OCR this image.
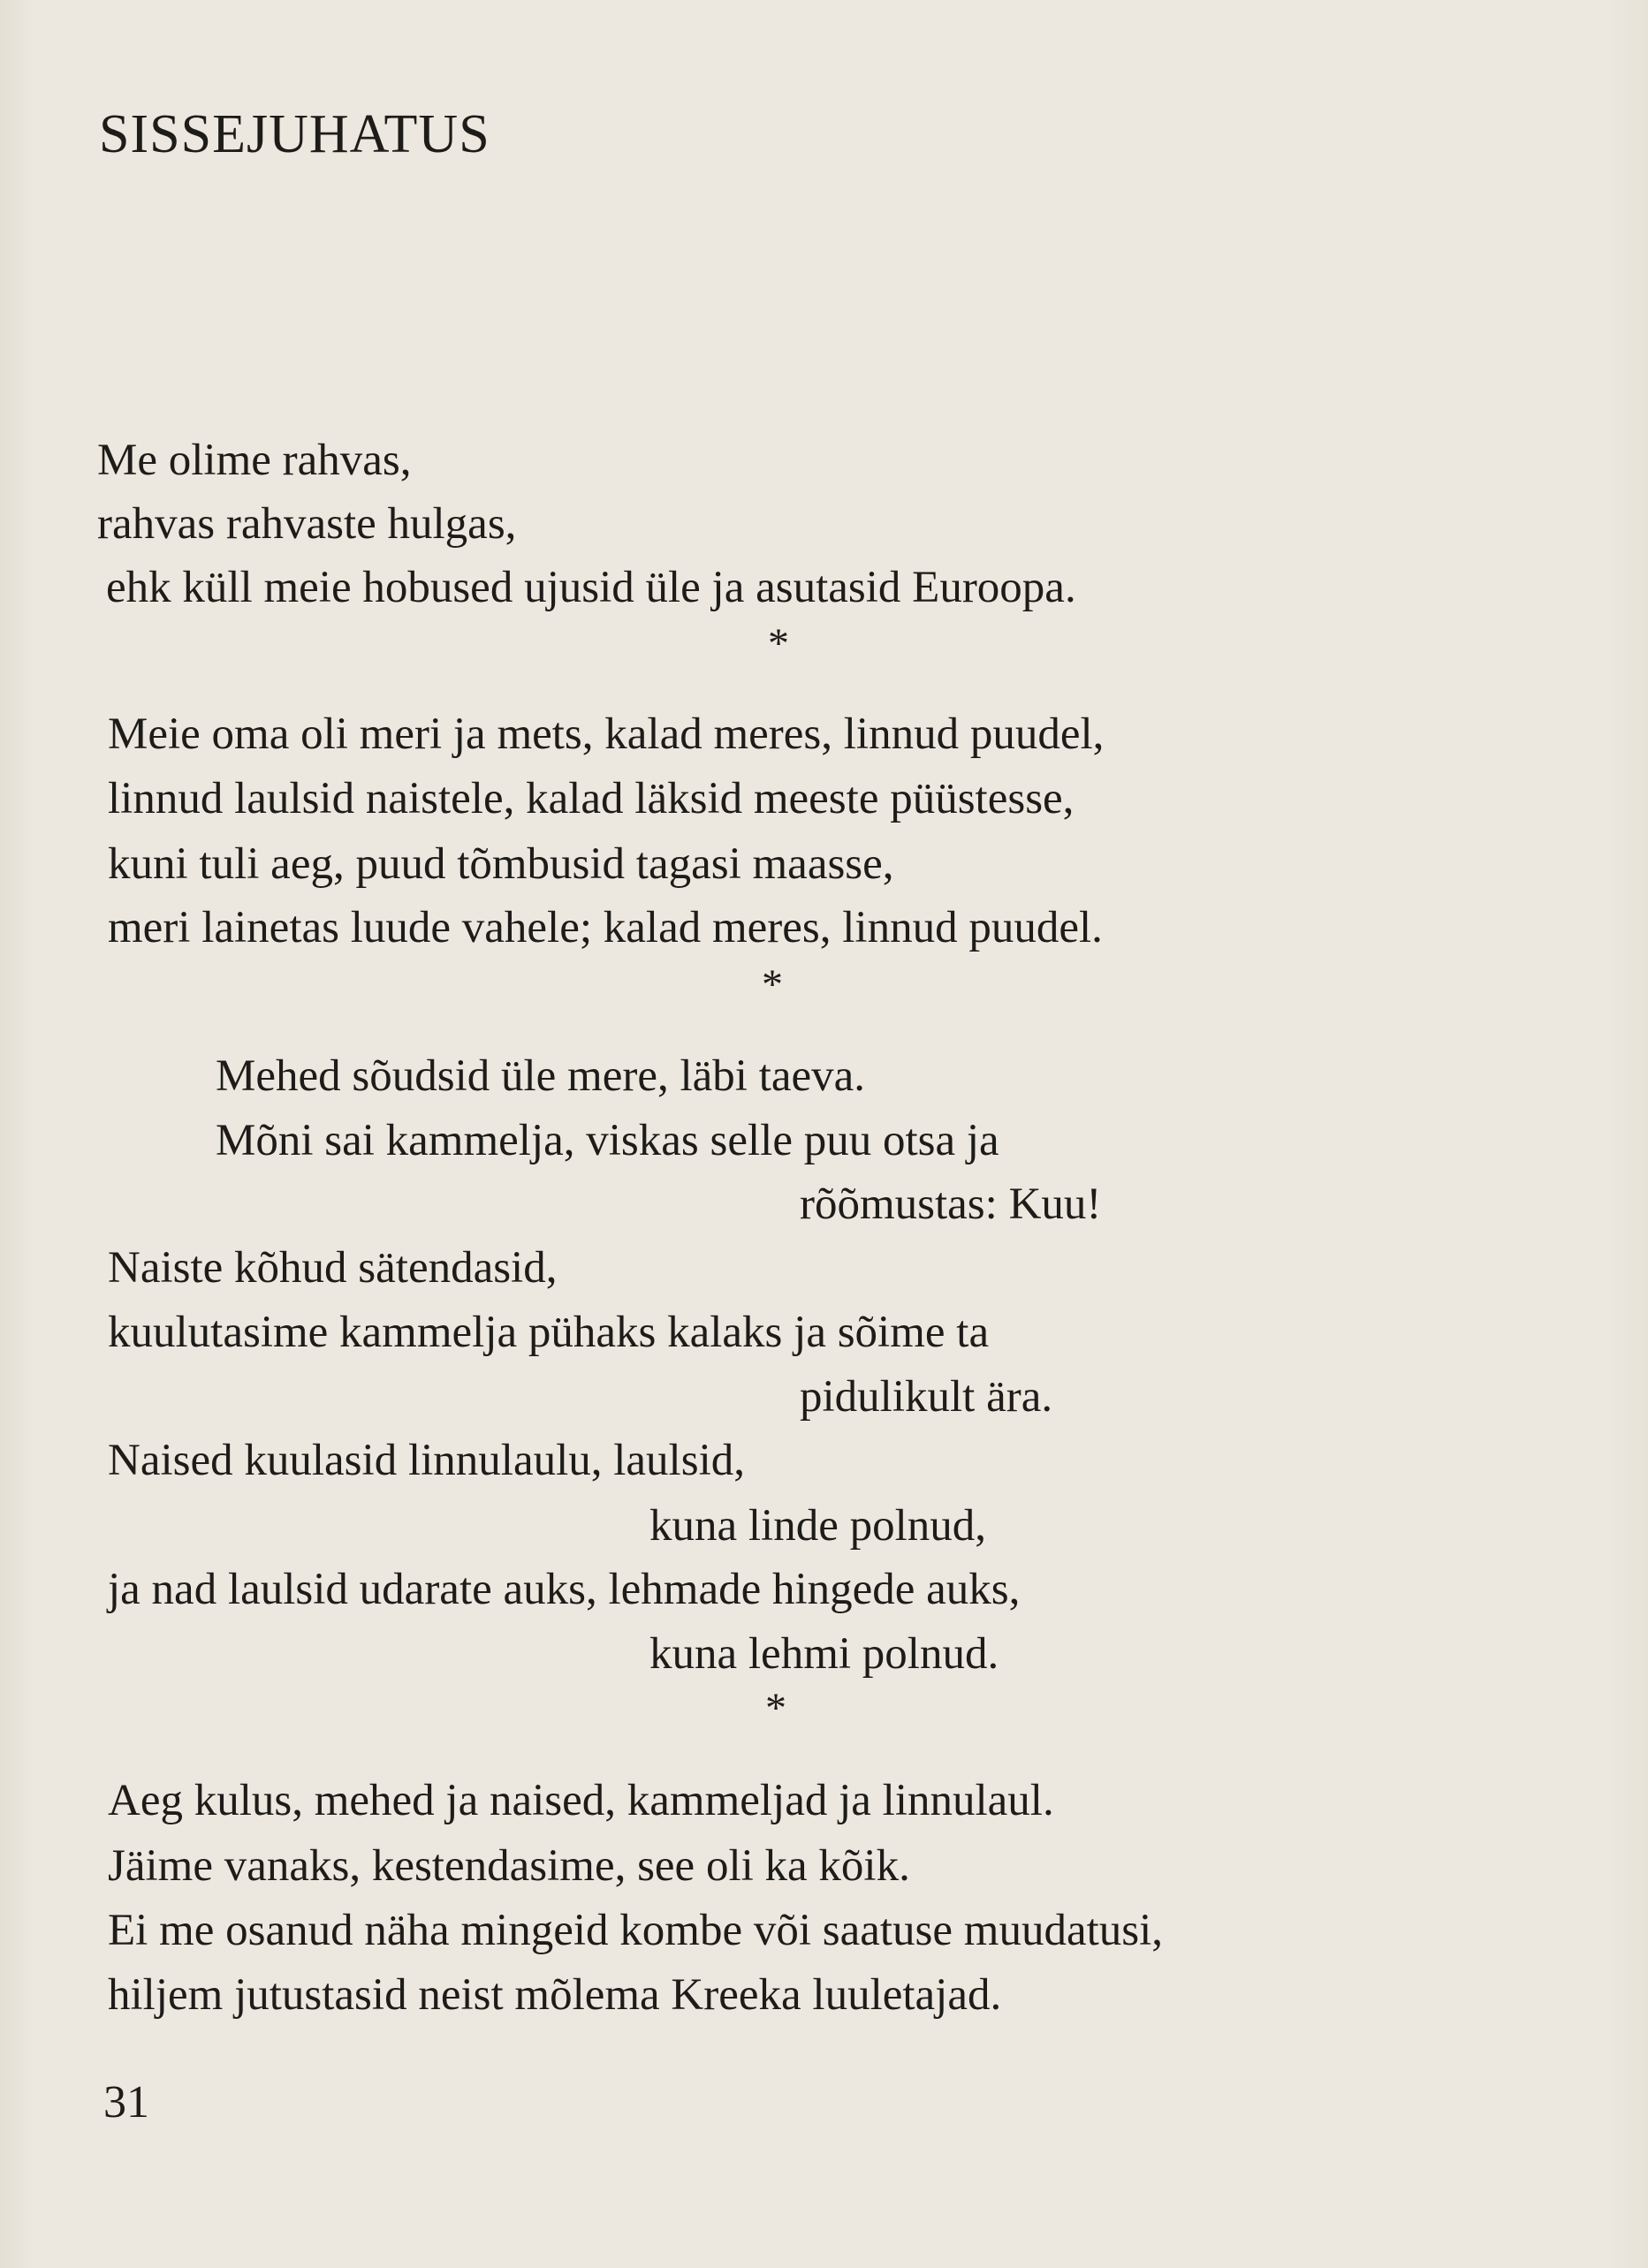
SISSEJUHATUS
Me olime rahvas,
rahvas rahvaste hulgas,
ehk küll meie hobused ujusid üle ja asutasid Euroopa.
*
Meie oma oli meri ja mets, kalad meres, linnud puudel,
linnud laulsid naistele, kalad läksid meeste püüstesse,
kuni tuli aeg, puud tõmbusid tagasi maasse,
meri lainetas luude vahele; kalad meres, linnud puudel.
*
Mehed sõudsid üle mere, läbi taeva.
Mõni sai kammelja, viskas selle puu otsa ja
rõõmustas: Kuu!
Naiste kõhud sätendasid,
kuulutasime kammelja pühaks kalaks ja sõime ta
pidulikult ära.
Naised kuulasid linnulaulu, laulsid,
kuna linde polnud,
ja nad laulsid udarate auks, lehmade hingede auks,
kuna lehmi polnud.
*
Aeg kulus, mehed ja naised, kammeljad ja linnulaul.
Jäime vanaks, kestendasime, see oli ka kõik.
Ei me osanud näha mingeid kombe või saatuse muudatusi,
hiljem jutustasid neist mõlema Kreeka luuletajad.
31
